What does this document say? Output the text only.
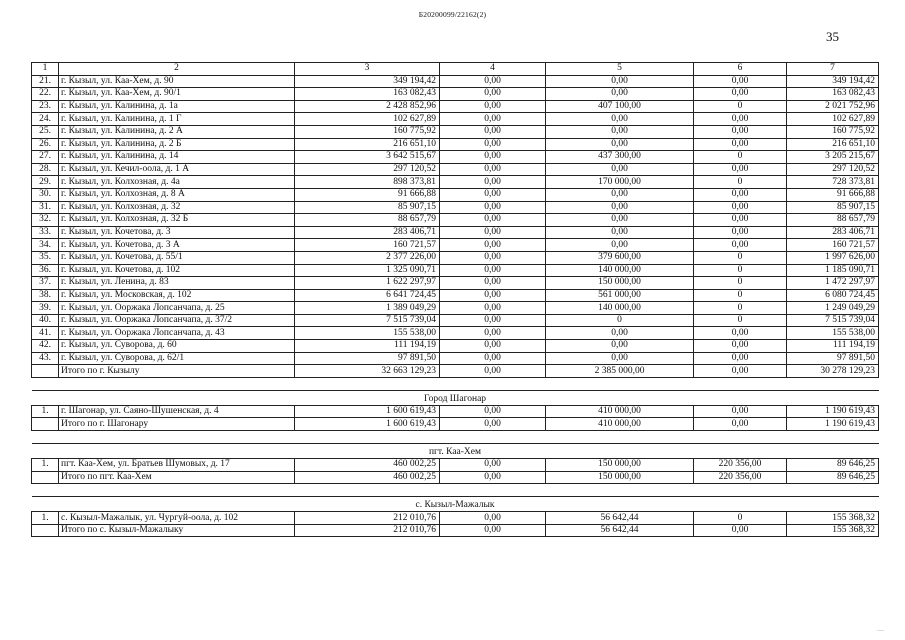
Б20200099/22162(2)
35
1	2	3	4	5	6	7
21.	г. Кызыл, ул. Каа-Хем, д. 90	349 194,42	0,00	0,00	0,00	349 194,42
22.	г. Кызыл, ул. Каа-Хем, д. 90/1	163 082,43	0,00	0,00	0,00	163 082,43
23.	г. Кызыл, ул. Калинина, д. 1а	2 428 852,96	0,00	407 100,00	0	2 021 752,96
24.	г. Кызыл, ул. Калинина, д. 1 Г	102 627,89	0,00	0,00	0,00	102 627,89
25.	г. Кызыл, ул. Калинина, д. 2 А	160 775,92	0,00	0,00	0,00	160 775,92
26.	г. Кызыл, ул. Калинина, д. 2 Б	216 651,10	0,00	0,00	0,00	216 651,10
27.	г. Кызыл, ул. Калинина, д. 14	3 642 515,67	0,00	437 300,00	0	3 205 215,67
28.	г. Кызыл, ул. Кечил-оола, д. 1 А	297 120,52	0,00	0,00	0,00	297 120,52
29.	г. Кызыл, ул. Колхозная, д. 4а	898 373,81	0,00	170 000,00	0	728 373,81
30.	г. Кызыл, ул. Колхозная, д. 8 А	91 666,88	0,00	0,00	0,00	91 666,88
31.	г. Кызыл, ул. Колхозная, д. 32	85 907,15	0,00	0,00	0,00	85 907,15
32.	г. Кызыл, ул. Колхозная, д. 32 Б	88 657,79	0,00	0,00	0,00	88 657,79
33.	г. Кызыл, ул. Кочетова, д. 3	283 406,71	0,00	0,00	0,00	283 406,71
34.	г. Кызыл, ул. Кочетова, д. 3 А	160 721,57	0,00	0,00	0,00	160 721,57
35.	г. Кызыл, ул. Кочетова, д. 55/1	2 377 226,00	0,00	379 600,00	0	1 997 626,00
36.	г. Кызыл, ул. Кочетова, д. 102	1 325 090,71	0,00	140 000,00	0	1 185 090,71
37.	г. Кызыл, ул. Ленина, д. 83	1 622 297,97	0,00	150 000,00	0	1 472 297,97
38.	г. Кызыл, ул. Московская, д. 102	6 641 724,45	0,00	561 000,00	0	6 080 724,45
39.	г. Кызыл, ул. Ооржака Лопсанчапа, д. 25	1 389 049,29	0,00	140 000,00	0	1 249 049,29
40.	г. Кызыл, ул. Ооржака Лопсанчапа, д. 37/2	7 515 739,04	0,00	0	0	7 515 739,04
41.	г. Кызыл, ул. Ооржака Лопсанчапа, д. 43	155 538,00	0,00	0,00	0,00	155 538,00
42.	г. Кызыл, ул. Суворова, д. 60	111 194,19	0,00	0,00	0,00	111 194,19
43.	г. Кызыл, ул. Суворова, д. 62/1	97 891,50	0,00	0,00	0,00	97 891,50
	Итого по г. Кызылу	32 663 129,23	0,00	2 385 000,00	0,00	30 278 129,23

Город Шагонар						
1.	г. Шагонар, ул. Саяно-Шушенская, д. 4	1 600 619,43	0,00	410 000,00	0,00	1 190 619,43
	Итого по г. Шагонару	1 600 619,43	0,00	410 000,00	0,00	1 190 619,43

пгт. Каа-Хем						
1.	пгт. Каа-Хем, ул. Братьев Шумовых, д. 17	460 002,25	0,00	150 000,00	220 356,00	89 646,25
	Итого по пгт. Каа-Хем	460 002,25	0,00	150 000,00	220 356,00	89 646,25

с. Кызыл-Мажалык						
1.	с. Кызыл-Мажалык, ул. Чургуй-оола, д. 102	212 010,76	0,00	56 642,44	0	155 368,32
	Итого по с. Кызыл-Мажалыку	212 010,76	0,00	56 642,44	0,00	155 368,32
·—
